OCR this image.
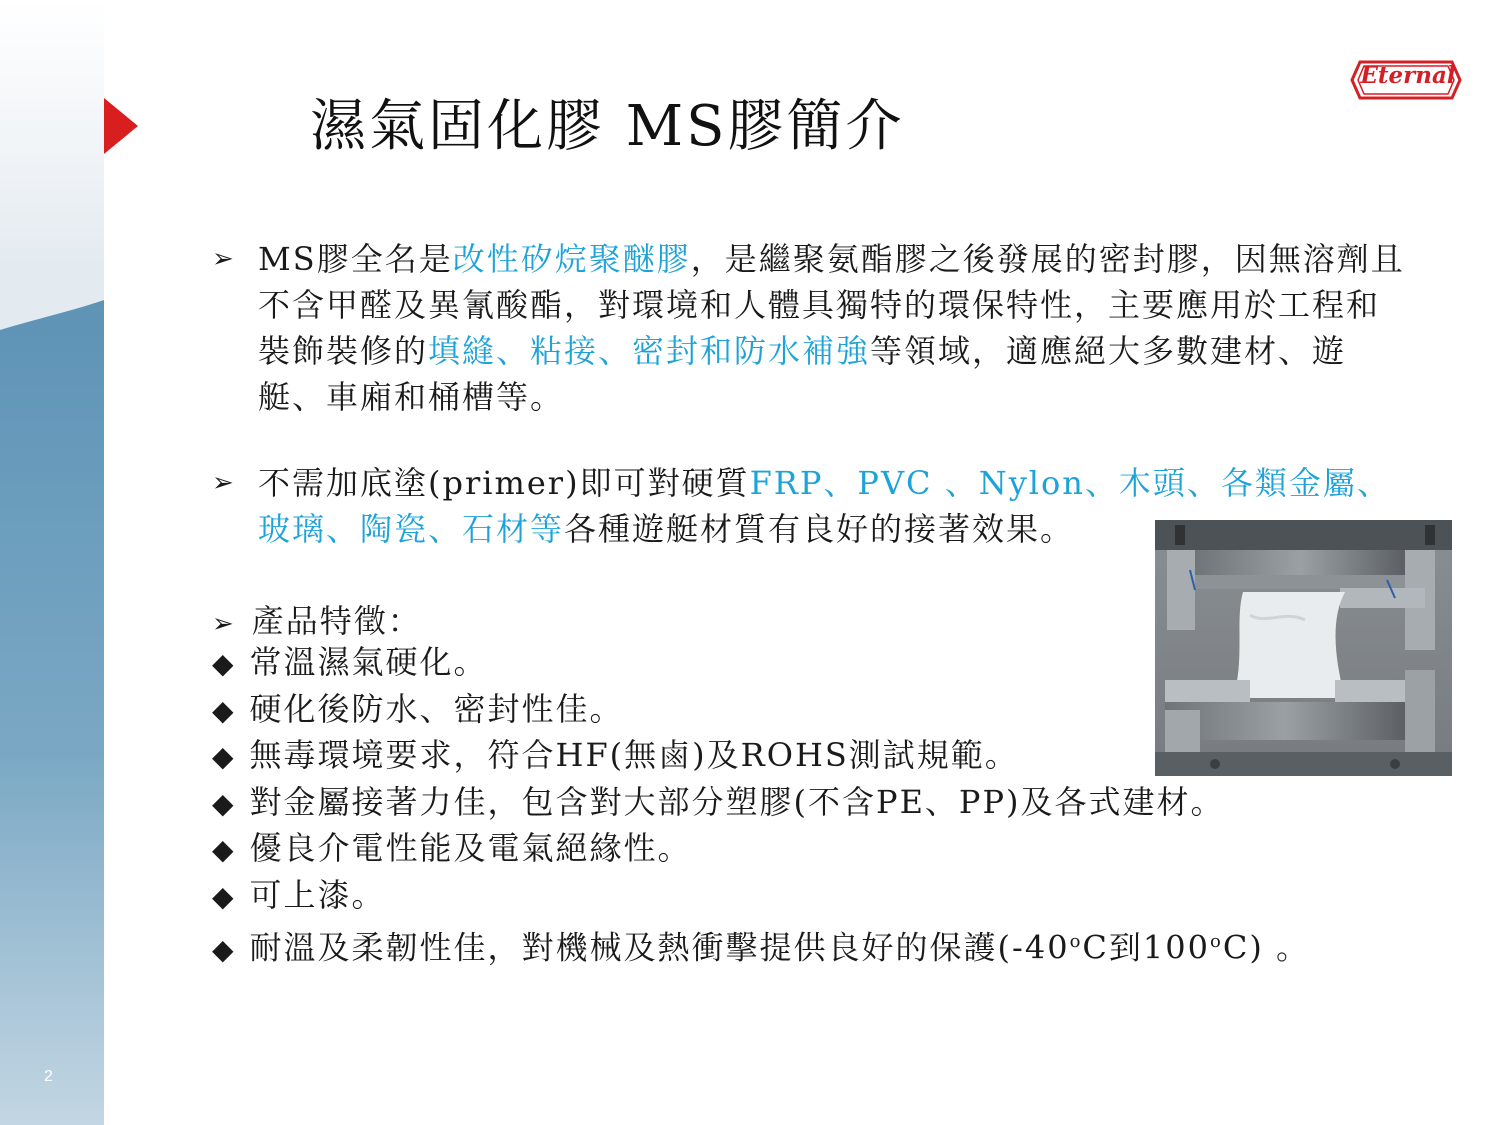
2
濕氣固化膠 MS膠簡介
Eternal
➢ MS膠全名是改性矽烷聚醚膠，是繼聚氨酯膠之後發展的密封膠，因無溶劑且不含甲醛及異氰酸酯，對環境和人體具獨特的環保特性，主要應用於工程和裝飾裝修的填縫、粘接、密封和防水補強等領域，適應絕大多數建材、遊艇、車廂和桶槽等。
➢ 不需加底塗(primer)即可對硬質FRP、PVC 、Nylon、木頭、各類金屬、玻璃、陶瓷、石材等各種遊艇材質有良好的接著效果。
➢ 產品特徵：
◆ 常溫濕氣硬化。
◆ 硬化後防水、密封性佳。
◆ 無毒環境要求，符合HF(無鹵)及ROHS測試規範。
◆ 對金屬接著力佳，包含對大部分塑膠(不含PE、PP)及各式建材。
◆ 優良介電性能及電氣絕緣性。
◆ 可上漆。
◆ 耐溫及柔韌性佳，對機械及熱衝擊提供良好的保護(-40$^o$C到100$^o$C) 。
